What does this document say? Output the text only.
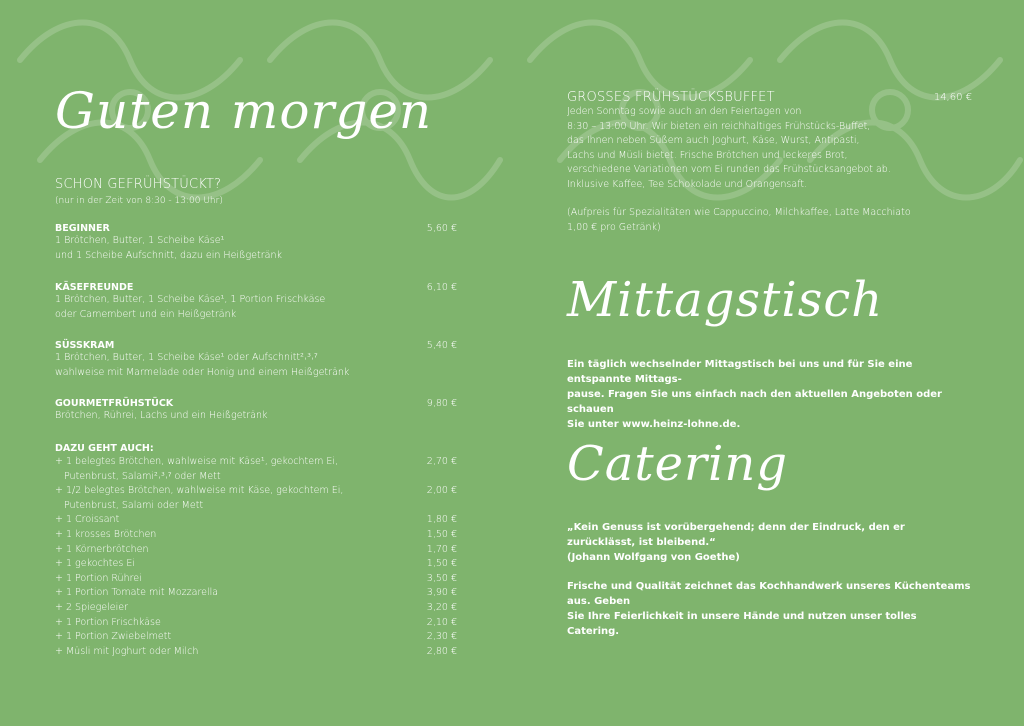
Guten morgen
SCHON GEFRÜHSTÜCKT?
(nur in der Zeit von 8:30 - 13:00 Uhr)
BEGINNER	5,60 €
1 Brötchen, Butter, 1 Scheibe Käse¹
und 1 Scheibe Aufschnitt, dazu ein Heißgetränk
KÄSEFREUNDE	6,10 €
1 Brötchen, Butter, 1 Scheibe Käse¹, 1 Portion Frischkäse
oder Camembert und ein Heißgetränk
SÜSSKRAM	5,40 €
1 Brötchen, Butter, 1 Scheibe Käse¹ oder Aufschnitt²˒³˒⁷
wahlweise mit Marmelade oder Honig und einem Heißgetränk
GOURMETFRÜHSTÜCK	9,80 €
Brötchen, Rührei, Lachs und ein Heißgetränk
DAZU GEHT AUCH:
+ 1 belegtes Brötchen, wahlweise mit Käse¹, gekochtem Ei,	2,70 €
Putenbrust, Salami²˒³˒⁷ oder Mett
+ 1/2 belegtes Brötchen, wahlweise mit Käse, gekochtem Ei,	2,00 €
Putenbrust, Salami oder Mett
+ 1 Croissant	1,80 €
+ 1 krosses Brötchen	1,50 €
+ 1 Körnerbrötchen	1,70 €
+ 1 gekochtes Ei	1,50 €
+ 1 Portion Rührei	3,50 €
+ 1 Portion Tomate mit Mozzarella	3,90 €
+ 2 Spiegeleier	3,20 €
+ 1 Portion Frischkäse	2,10 €
+ 1 Portion Zwiebelmett	2,30 €
+ Müsli mit Joghurt oder Milch	2,80 €
GROSSES FRÜHSTÜCKSBUFFET	14,60 €
Jeden Sonntag sowie auch an den Feiertagen von
8:30 – 13:00 Uhr. Wir bieten ein reichhaltiges Frühstücks-Buffet,
das Ihnen neben Süßem auch Joghurt, Käse, Wurst, Antipasti,
Lachs und Müsli bietet. Frische Brötchen und leckeres Brot,
verschiedene Variationen vom Ei runden das Frühstücksangebot ab.
Inklusive Kaffee, Tee Schokolade und Orangensaft.
(Aufpreis für Spezialitäten wie Cappuccino, Milchkaffee, Latte Macchiato
1,00 € pro Getränk)
Mittagstisch
Ein täglich wechselnder Mittagstisch bei uns und für Sie eine entspannte Mittags-
pause. Fragen Sie uns einfach nach den aktuellen Angeboten oder schauen
Sie unter www.heinz-lohne.de.
Catering
„Kein Genuss ist vorübergehend; denn der Eindruck, den er zurücklässt, ist bleibend.“
(Johann Wolfgang von Goethe)
Frische und Qualität zeichnet das Kochhandwerk unseres Küchenteams aus. Geben
Sie Ihre Feierlichkeit in unsere Hände und nutzen unser tolles Catering.
